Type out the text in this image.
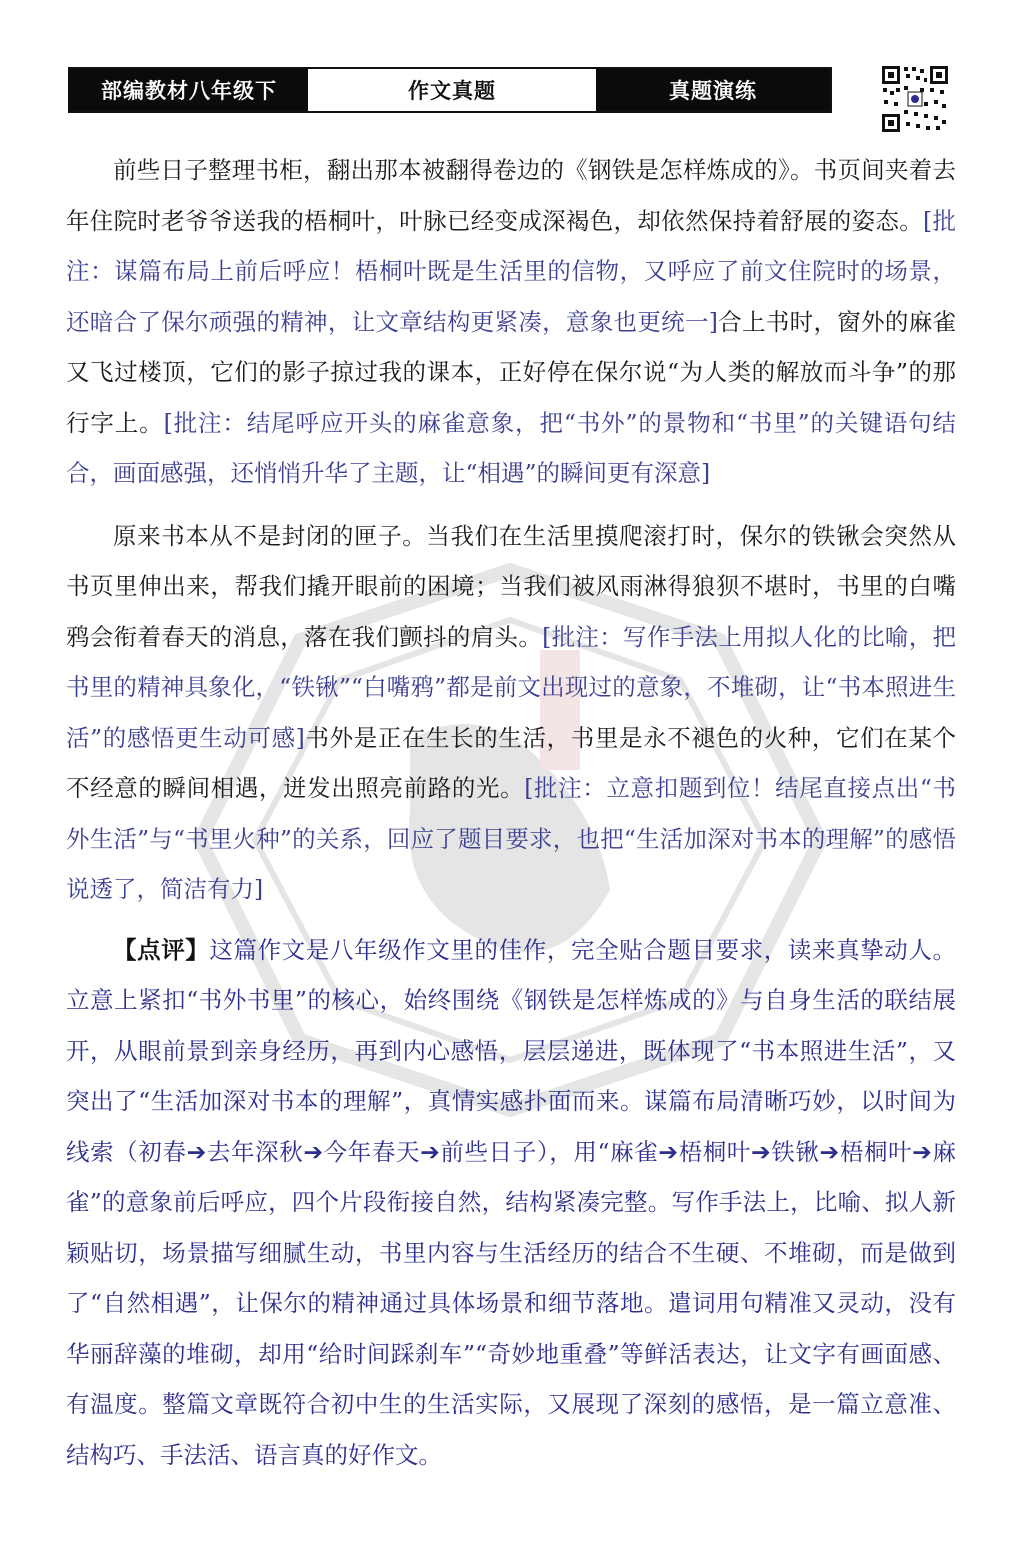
部编教材八年级下	作文真题	真题演练

前些日子整理书柜，翻出那本被翻得卷边的《钢铁是怎样炼成的》。书页间夹着去年住院时老爷爷送我的梧桐叶，叶脉已经变成深褐色，却依然保持着舒展的姿态。[批注：谋篇布局上前后呼应！梧桐叶既是生活里的信物，又呼应了前文住院时的场景，还暗合了保尔顽强的精神，让文章结构更紧凑，意象也更统一]合上书时，窗外的麻雀又飞过楼顶，它们的影子掠过我的课本，正好停在保尔说“为人类的解放而斗争”的那行字上。[批注：结尾呼应开头的麻雀意象，把“书外”的景物和“书里”的关键语句结合，画面感强，还悄悄升华了主题，让“相遇”的瞬间更有深意]

原来书本从不是封闭的匣子。当我们在生活里摸爬滚打时，保尔的铁锹会突然从书页里伸出来，帮我们撬开眼前的困境；当我们被风雨淋得狼狈不堪时，书里的白嘴鸦会衔着春天的消息，落在我们颤抖的肩头。[批注：写作手法上用拟人化的比喻，把书里的精神具象化，“铁锹”“白嘴鸦”都是前文出现过的意象，不堆砌，让“书本照进生活”的感悟更生动可感]书外是正在生长的生活，书里是永不褪色的火种，它们在某个不经意的瞬间相遇，迸发出照亮前路的光。[批注：立意扣题到位！结尾直接点出“书外生活”与“书里火种”的关系，回应了题目要求，也把“生活加深对书本的理解”的感悟说透了，简洁有力]

【点评】这篇作文是八年级作文里的佳作，完全贴合题目要求，读来真挚动人。立意上紧扣“书外书里”的核心，始终围绕《钢铁是怎样炼成的》与自身生活的联结展开，从眼前景到亲身经历，再到内心感悟，层层递进，既体现了“书本照进生活”，又突出了“生活加深对书本的理解”，真情实感扑面而来。谋篇布局清晰巧妙，以时间为线索（初春➔去年深秋➔今年春天➔前些日子），用“麻雀➔梧桐叶➔铁锹➔梧桐叶➔麻雀”的意象前后呼应，四个片段衔接自然，结构紧凑完整。写作手法上，比喻、拟人新颖贴切，场景描写细腻生动，书里内容与生活经历的结合不生硬、不堆砌，而是做到了“自然相遇”，让保尔的精神通过具体场景和细节落地。遣词用句精准又灵动，没有华丽辞藻的堆砌，却用“给时间踩刹车”“奇妙地重叠”等鲜活表达，让文字有画面感、有温度。整篇文章既符合初中生的生活实际，又展现了深刻的感悟，是一篇立意准、结构巧、手法活、语言真的好作文。
